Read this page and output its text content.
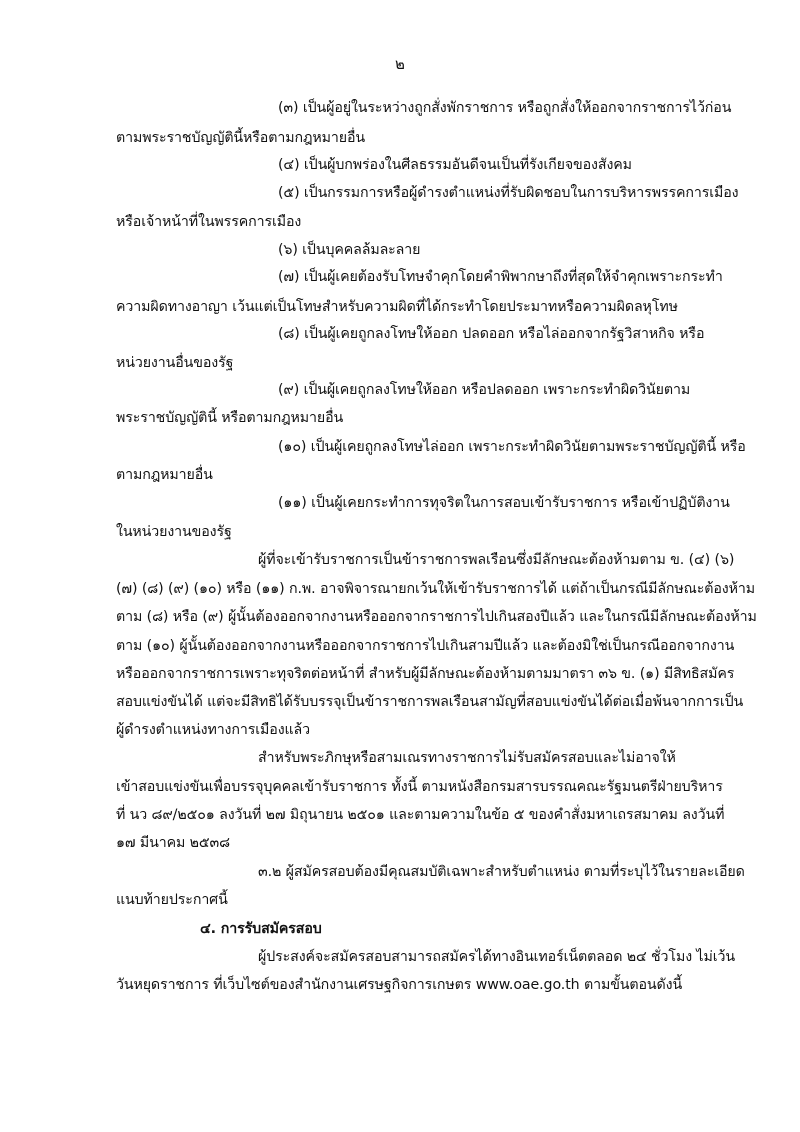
๒
(๓) เป็นผู้อยู่ในระหว่างถูกสั่งพักราชการ หรือถูกสั่งให้ออกจากราชการไว้ก่อน
ตามพระราชบัญญัตินี้หรือตามกฎหมายอื่น
(๔) เป็นผู้บกพร่องในศีลธรรมอันดีจนเป็นที่รังเกียจของสังคม
(๕) เป็นกรรมการหรือผู้ดำรงตำแหน่งที่รับผิดชอบในการบริหารพรรคการเมือง
หรือเจ้าหน้าที่ในพรรคการเมือง
(๖) เป็นบุคคลล้มละลาย
(๗) เป็นผู้เคยต้องรับโทษจำคุกโดยคำพิพากษาถึงที่สุดให้จำคุกเพราะกระทำ
ความผิดทางอาญา เว้นแต่เป็นโทษสำหรับความผิดที่ได้กระทำโดยประมาทหรือความผิดลหุโทษ
(๘) เป็นผู้เคยถูกลงโทษให้ออก ปลดออก หรือไล่ออกจากรัฐวิสาหกิจ หรือ
หน่วยงานอื่นของรัฐ
(๙) เป็นผู้เคยถูกลงโทษให้ออก หรือปลดออก เพราะกระทำผิดวินัยตาม
พระราชบัญญัตินี้ หรือตามกฎหมายอื่น
(๑๐) เป็นผู้เคยถูกลงโทษไล่ออก เพราะกระทำผิดวินัยตามพระราชบัญญัตินี้ หรือ
ตามกฎหมายอื่น
(๑๑) เป็นผู้เคยกระทำการทุจริตในการสอบเข้ารับราชการ หรือเข้าปฏิบัติงาน
ในหน่วยงานของรัฐ
ผู้ที่จะเข้ารับราชการเป็นข้าราชการพลเรือนซึ่งมีลักษณะต้องห้ามตาม ข. (๔) (๖)
(๗) (๘) (๙) (๑๐) หรือ (๑๑) ก.พ. อาจพิจารณายกเว้นให้เข้ารับราชการได้ แต่ถ้าเป็นกรณีมีลักษณะต้องห้าม
ตาม (๘) หรือ (๙) ผู้นั้นต้องออกจากงานหรือออกจากราชการไปเกินสองปีแล้ว และในกรณีมีลักษณะต้องห้าม
ตาม (๑๐) ผู้นั้นต้องออกจากงานหรือออกจากราชการไปเกินสามปีแล้ว และต้องมิใช่เป็นกรณีออกจากงาน
หรือออกจากราชการเพราะทุจริตต่อหน้าที่ สำหรับผู้มีลักษณะต้องห้ามตามมาตรา ๓๖ ข. (๑) มีสิทธิสมัคร
สอบแข่งขันได้ แต่จะมีสิทธิได้รับบรรจุเป็นข้าราชการพลเรือนสามัญที่สอบแข่งขันได้ต่อเมื่อพ้นจากการเป็น
ผู้ดำรงตำแหน่งทางการเมืองแล้ว
สำหรับพระภิกษุหรือสามเณรทางราชการไม่รับสมัครสอบและไม่อาจให้
เข้าสอบแข่งขันเพื่อบรรจุบุคคลเข้ารับราชการ ทั้งนี้ ตามหนังสือกรมสารบรรณคณะรัฐมนตรีฝ่ายบริหาร
ที่ นว ๘๙/๒๕๐๑ ลงวันที่ ๒๗ มิถุนายน ๒๕๐๑ และตามความในข้อ ๕ ของคำสั่งมหาเถรสมาคม ลงวันที่
๑๗ มีนาคม ๒๕๓๘
๓.๒ ผู้สมัครสอบต้องมีคุณสมบัติเฉพาะสำหรับตำแหน่ง ตามที่ระบุไว้ในรายละเอียด
แนบท้ายประกาศนี้
๔. การรับสมัครสอบ
ผู้ประสงค์จะสมัครสอบสามารถสมัครได้ทางอินเทอร์เน็ตตลอด ๒๔ ชั่วโมง ไม่เว้น
วันหยุดราชการ ที่เว็บไซต์ของสำนักงานเศรษฐกิจการเกษตร www.oae.go.th ตามขั้นตอนดังนี้
